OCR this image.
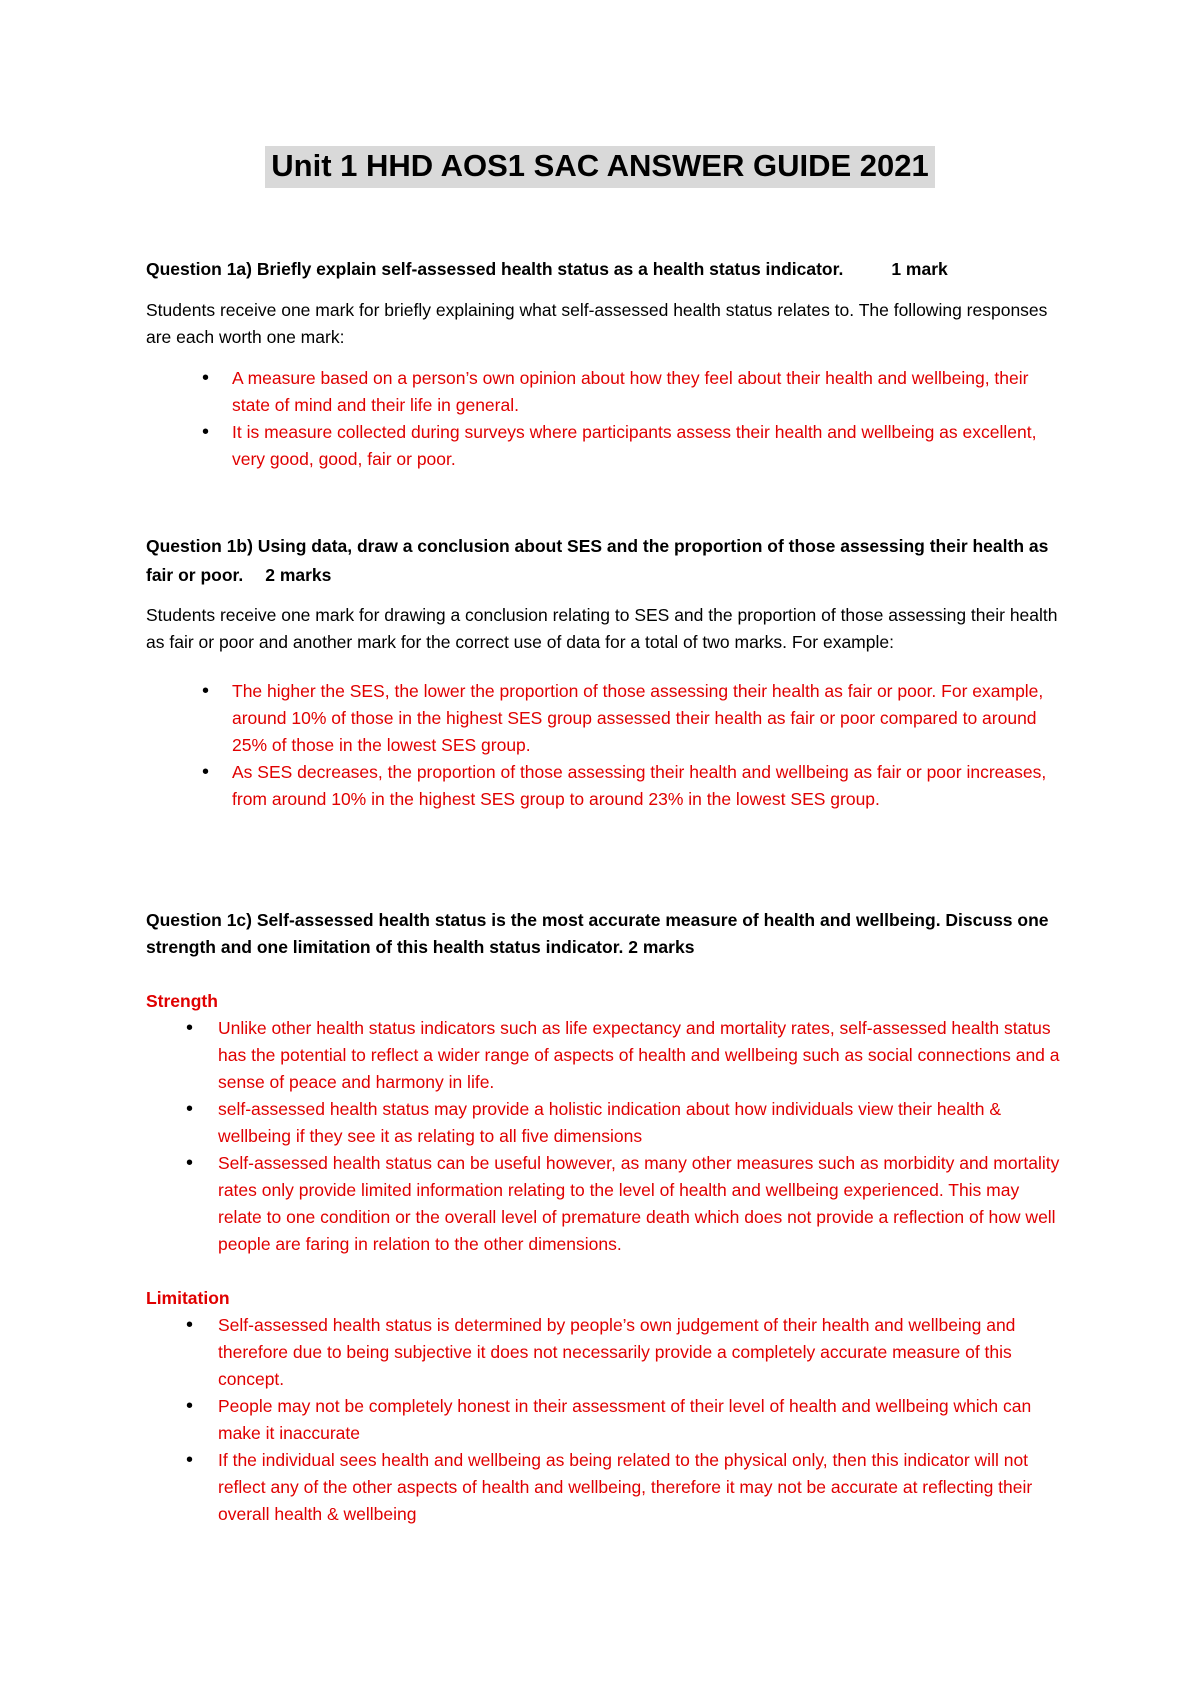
Unit 1 HHD AOS1 SAC ANSWER GUIDE 2021
Question 1a) Briefly explain self-assessed health status as a health status indicator.	1 mark
Students receive one mark for briefly explaining what self-assessed health status relates to. The following responses are each worth one mark:
• A measure based on a person’s own opinion about how they feel about their health and wellbeing, their state of mind and their life in general.
• It is measure collected during surveys where participants assess their health and wellbeing as excellent, very good, good, fair or poor.
Question 1b) Using data, draw a conclusion about SES and the proportion of those assessing their health as fair or poor. 2 marks
Students receive one mark for drawing a conclusion relating to SES and the proportion of those assessing their health as fair or poor and another mark for the correct use of data for a total of two marks. For example:
• The higher the SES, the lower the proportion of those assessing their health as fair or poor. For example, around 10% of those in the highest SES group assessed their health as fair or poor compared to around 25% of those in the lowest SES group.
• As SES decreases, the proportion of those assessing their health and wellbeing as fair or poor increases, from around 10% in the highest SES group to around 23% in the lowest SES group.
Question 1c) Self-assessed health status is the most accurate measure of health and wellbeing. Discuss one strength and one limitation of this health status indicator. 2 marks
Strength
• Unlike other health status indicators such as life expectancy and mortality rates, self-assessed health status has the potential to reflect a wider range of aspects of health and wellbeing such as social connections and a sense of peace and harmony in life.
• self-assessed health status may provide a holistic indication about how individuals view their health & wellbeing if they see it as relating to all five dimensions
• Self-assessed health status can be useful however, as many other measures such as morbidity and mortality rates only provide limited information relating to the level of health and wellbeing experienced. This may relate to one condition or the overall level of premature death which does not provide a reflection of how well people are faring in relation to the other dimensions.
Limitation
• Self-assessed health status is determined by people’s own judgement of their health and wellbeing and therefore due to being subjective it does not necessarily provide a completely accurate measure of this concept.
• People may not be completely honest in their assessment of their level of health and wellbeing which can make it inaccurate
• If the individual sees health and wellbeing as being related to the physical only, then this indicator will not reflect any of the other aspects of health and wellbeing, therefore it may not be accurate at reflecting their overall health & wellbeing
